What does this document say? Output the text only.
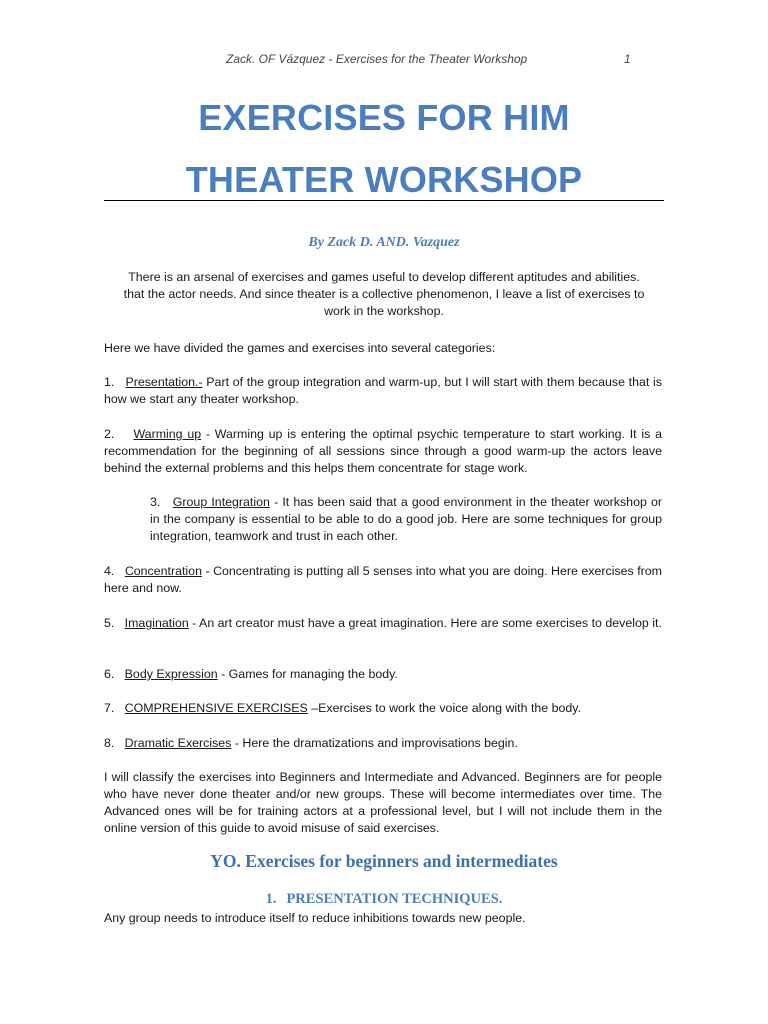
Zack. OF Vázquez - Exercises for the Theater Workshop	1
EXERCISES FOR HIM
THEATER WORKSHOP
By Zack D. AND. Vazquez
There is an arsenal of exercises and games useful to develop different aptitudes and abilities.
that the actor needs. And since theater is a collective phenomenon, I leave a list of exercises to
work in the workshop.
Here we have divided the games and exercises into several categories:
1. Presentation.- Part of the group integration and warm-up, but I will start with them because that is how we start any theater workshop.
2. Warming up - Warming up is entering the optimal psychic temperature to start working. It is a recommendation for the beginning of all sessions since through a good warm-up the actors leave behind the external problems and this helps them concentrate for stage work.
3. Group Integration - It has been said that a good environment in the theater workshop or in the company is essential to be able to do a good job. Here are some techniques for group integration, teamwork and trust in each other.
4. Concentration - Concentrating is putting all 5 senses into what you are doing. Here exercises from here and now.
5. Imagination - An art creator must have a great imagination. Here are some exercises to develop it.
6. Body Expression - Games for managing the body.
7. COMPREHENSIVE EXERCISES –Exercises to work the voice along with the body.
8. Dramatic Exercises - Here the dramatizations and improvisations begin.
I will classify the exercises into Beginners and Intermediate and Advanced. Beginners are for people who have never done theater and/or new groups. These will become intermediates over time. The Advanced ones will be for training actors at a professional level, but I will not include them in the online version of this guide to avoid misuse of said exercises.
YO. Exercises for beginners and intermediates
1. PRESENTATION TECHNIQUES.
Any group needs to introduce itself to reduce inhibitions towards new people.
